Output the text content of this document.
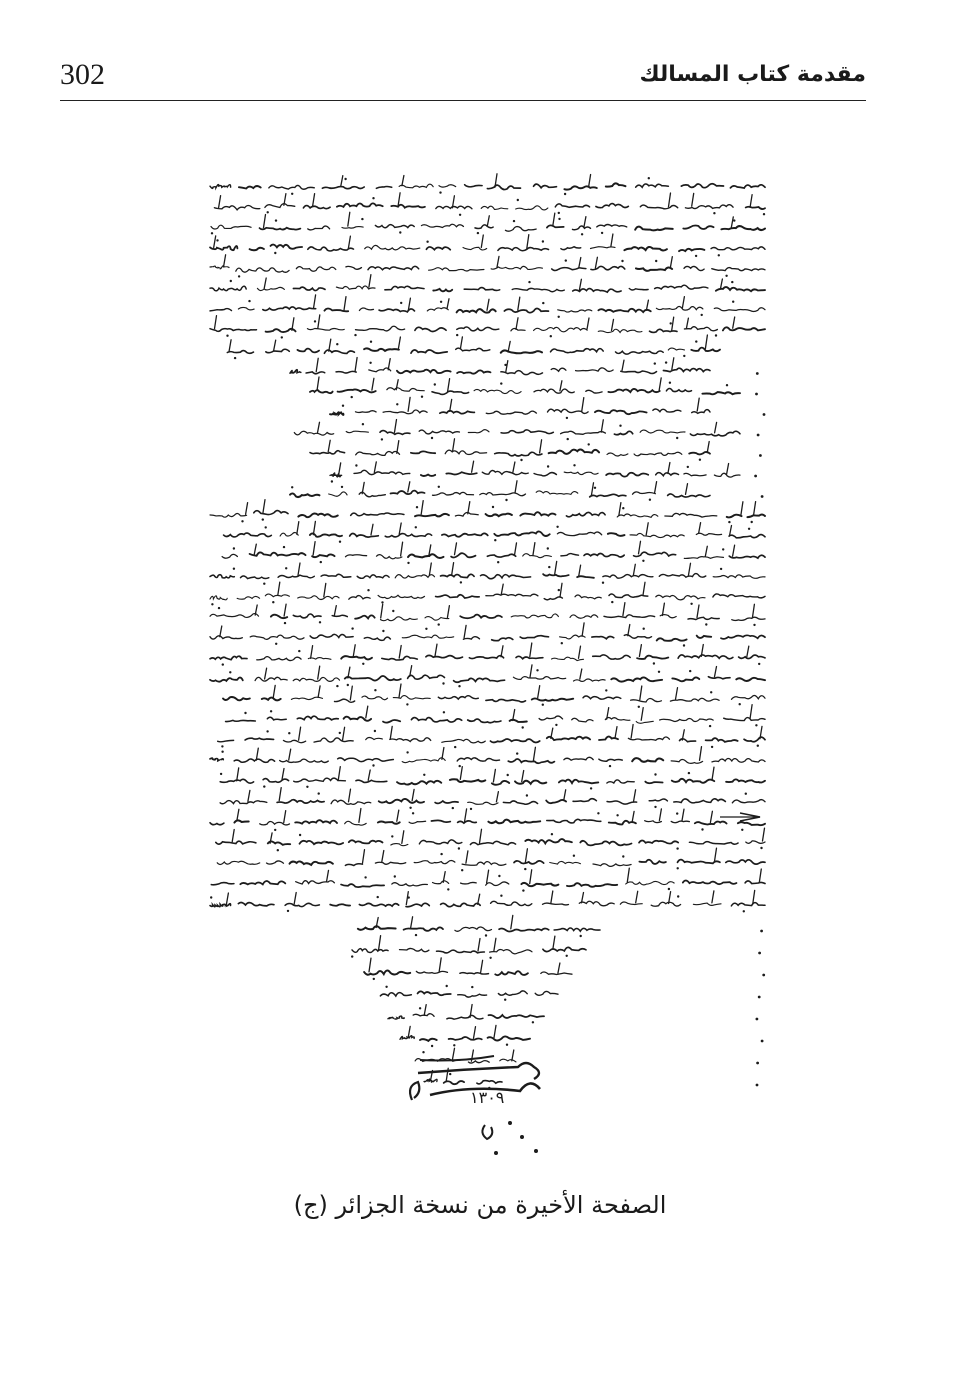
302	مقدمة كتاب المسالك
١٣٠٩
الصفحة الأخيرة من نسخة الجزائر (ج)
